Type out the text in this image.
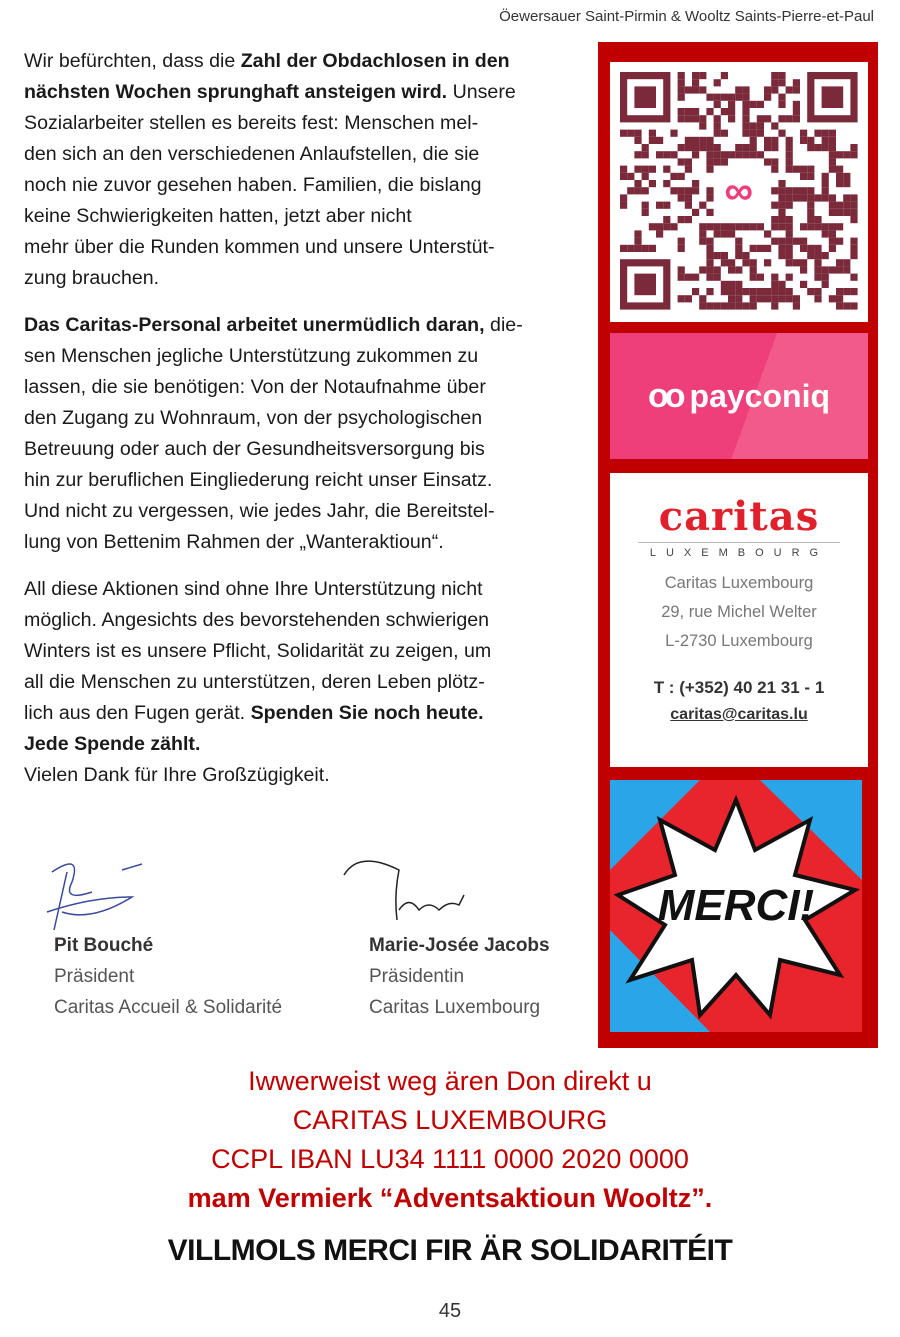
Öewersauer Saint-Pirmin & Wooltz Saints-Pierre-et-Paul
Wir befürchten, dass die Zahl der Obdachlosen in den
nächsten Wochen sprunghaft ansteigen wird. Unsere
Sozialarbeiter stellen es bereits fest: Menschen mel-
den sich an den verschiedenen Anlaufstellen, die sie
noch nie zuvor gesehen haben. Familien, die bislang
keine Schwierigkeiten hatten, jetzt aber nicht
mehr über die Runden kommen und unsere Unterstüt-
zung brauchen.
Das Caritas-Personal arbeitet unermüdlich daran, die-
sen Menschen jegliche Unterstützung zukommen zu
lassen, die sie benötigen: Von der Notaufnahme über
den Zugang zu Wohnraum, von der psychologischen
Betreuung oder auch der Gesundheitsversorgung bis
hin zur beruflichen Eingliederung reicht unser Einsatz.
Und nicht zu vergessen, wie jedes Jahr, die Bereitstel-
lung von Bettenim Rahmen der „Wanteraktioun“.
All diese Aktionen sind ohne Ihre Unterstützung nicht
möglich. Angesichts des bevorstehenden schwierigen
Winters ist es unsere Pflicht, Solidarität zu zeigen, um
all die Menschen zu unterstützen, deren Leben plötz-
lich aus den Fugen gerät. Spenden Sie noch heute.
Jede Spende zählt.
Vielen Dank für Ihre Großzügigkeit.
∞
oo payconiq
caritas
LUXEMBOURG
Caritas Luxembourg
29, rue Michel Welter
L-2730 Luxembourg
T : (+352) 40 21 31 - 1
caritas@caritas.lu
MERCI!
Pit Bouché
Präsident
Caritas Accueil & Solidarité
Marie-Josée Jacobs
Präsidentin
Caritas Luxembourg
Iwwerweist weg ären Don direkt u
CARITAS LUXEMBOURG
CCPL IBAN LU34 1111 0000 2020 0000
mam Vermierk “Adventsaktioun Wooltz”.
VILLMOLS MERCI FIR ÄR SOLIDARITÉIT
45
